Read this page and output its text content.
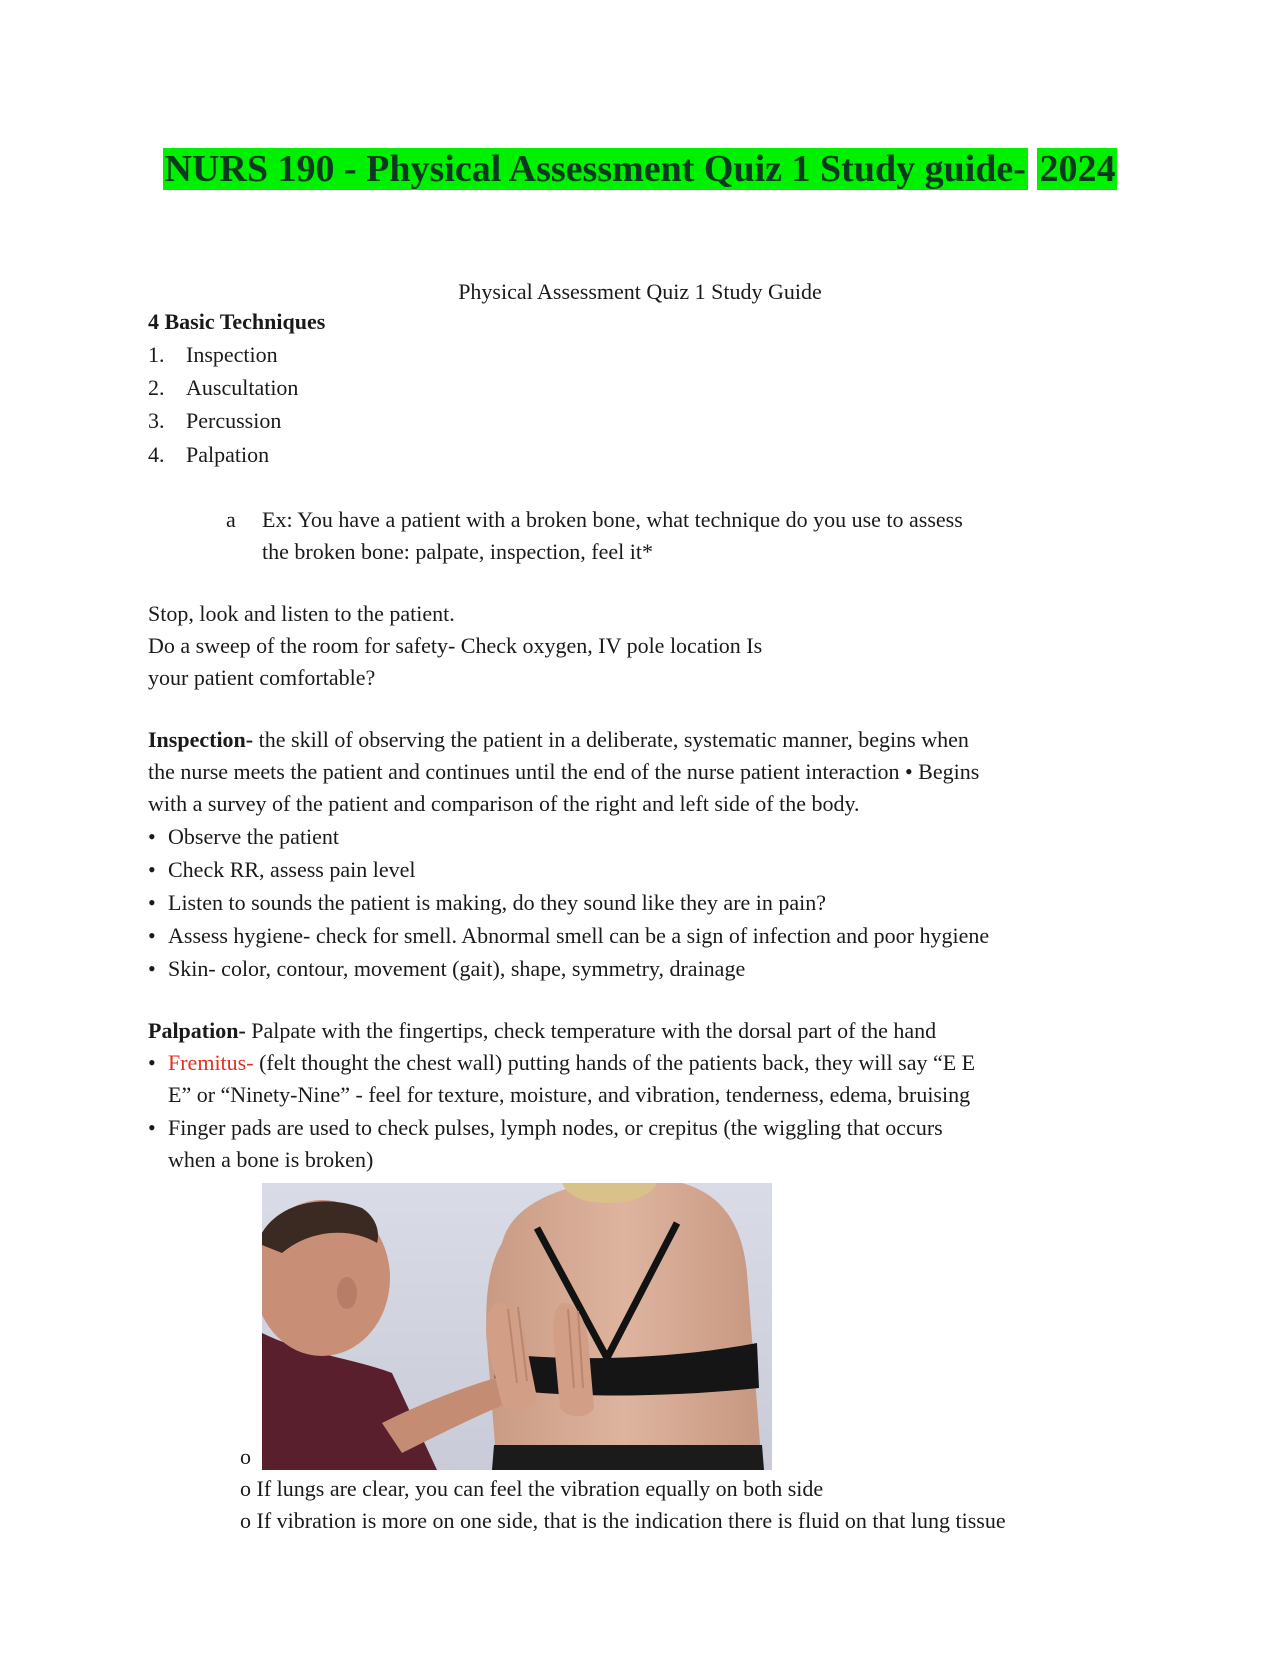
NURS 190 - Physical Assessment Quiz 1 Study guide- 2024
Physical Assessment Quiz 1 Study Guide
4 Basic Techniques
1. Inspection
2. Auscultation
3. Percussion
4. Palpation
a Ex: You have a patient with a broken bone, what technique do you use to assess
the broken bone: palpate, inspection, feel it*
Stop, look and listen to the patient.
Do a sweep of the room for safety- Check oxygen, IV pole location Is
your patient comfortable?
Inspection- the skill of observing the patient in a deliberate, systematic manner, begins when
the nurse meets the patient and continues until the end of the nurse patient interaction • Begins
with a survey of the patient and comparison of the right and left side of the body.
• Observe the patient
• Check RR, assess pain level
• Listen to sounds the patient is making, do they sound like they are in pain?
• Assess hygiene- check for smell. Abnormal smell can be a sign of infection and poor hygiene
• Skin- color, contour, movement (gait), shape, symmetry, drainage
Palpation- Palpate with the fingertips, check temperature with the dorsal part of the hand
• Fremitus- (felt thought the chest wall) putting hands of the patients back, they will say “E E
E” or “Ninety-Nine” - feel for texture, moisture, and vibration, tenderness, edema, bruising
• Finger pads are used to check pulses, lymph nodes, or crepitus (the wiggling that occurs
when a bone is broken)
o
o If lungs are clear, you can feel the vibration equally on both side
o If vibration is more on one side, that is the indication there is fluid on that lung tissue
